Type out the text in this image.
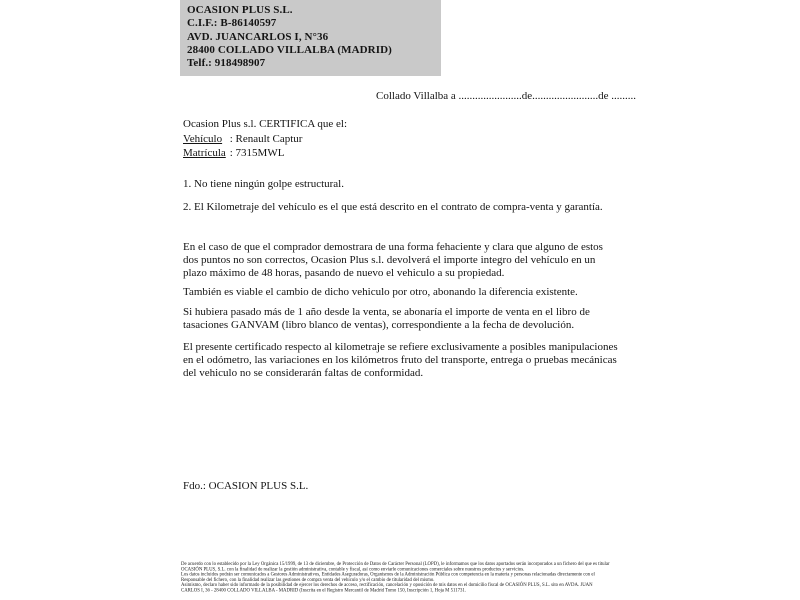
OCASION PLUS S.L.
C.I.F.: B-86140597
AVD. JUANCARLOS I, N°36
28400 COLLADO VILLALBA (MADRID)
Telf.: 918498907
Collado Villalba a .......................de........................de .........
Ocasion Plus s.l. CERTIFICA que el:
Vehículo : Renault Captur
Matrícula : 7315MWL
1. No tiene ningún golpe estructural.
2. El Kilometraje del vehículo es el que está descrito en el contrato de compra-venta y garantía.
En el caso de que el comprador demostrara de una forma fehaciente y clara que alguno de estos dos puntos no son correctos, Ocasion Plus s.l. devolverá el importe integro del vehículo en un plazo máximo de 48 horas, pasando de nuevo el vehiculo a su propiedad.
También es viable el cambio de dicho vehiculo por otro, abonando la diferencia existente.
Si hubiera pasado más de 1 año desde la venta, se abonaría el importe de venta en el libro de tasaciones GANVAM (libro blanco de ventas), correspondiente a la fecha de devolución.
El presente certificado respecto al kilometraje se refiere exclusivamente a posibles manipulaciones en el odómetro, las variaciones en los kilómetros fruto del transporte, entrega o pruebas mecánicas del vehiculo no se considerarán faltas de conformidad.
Fdo.: OCASION PLUS S.L.
De acuerdo con lo establecido por la Ley Orgánica 15/1999, de 13 de diciembre, de Protección de Datos de Carácter Personal (LOPD), le informamos que los datos aportados serán incorporados a un fichero del que es titular
OCASIÓN PLUS, S.L. con la finalidad de realizar la gestión administrativa, contable y fiscal, así como enviarle comunicaciones comerciales sobre nuestros productos y servicios.
Los datos incluidos podrán ser comunicados a Gestores Administrativos, Entidades Aseguradoras, Organismos de la Administración Pública con competencia en la materia y personas relacionadas directamente con el
Responsable del fichero, con la finalidad realizar las gestiones de compra venta del vehículo y/o el cambio de titularidad del mismo.
Asimismo, declaro haber sido informado de la posibilidad de ejercer los derechos de acceso, rectificación, cancelación y oposición de mis datos en el domicilio fiscal de OCASIÓN PLUS, S.L. sito en AVDA. JUAN
CARLOS I, 36 - 28400 COLLADO VILLALBA - MADRID (Inscrita en el Registro Mercantil de Madrid Tomo 150, Inscripción 1, Hoja M 511731.
